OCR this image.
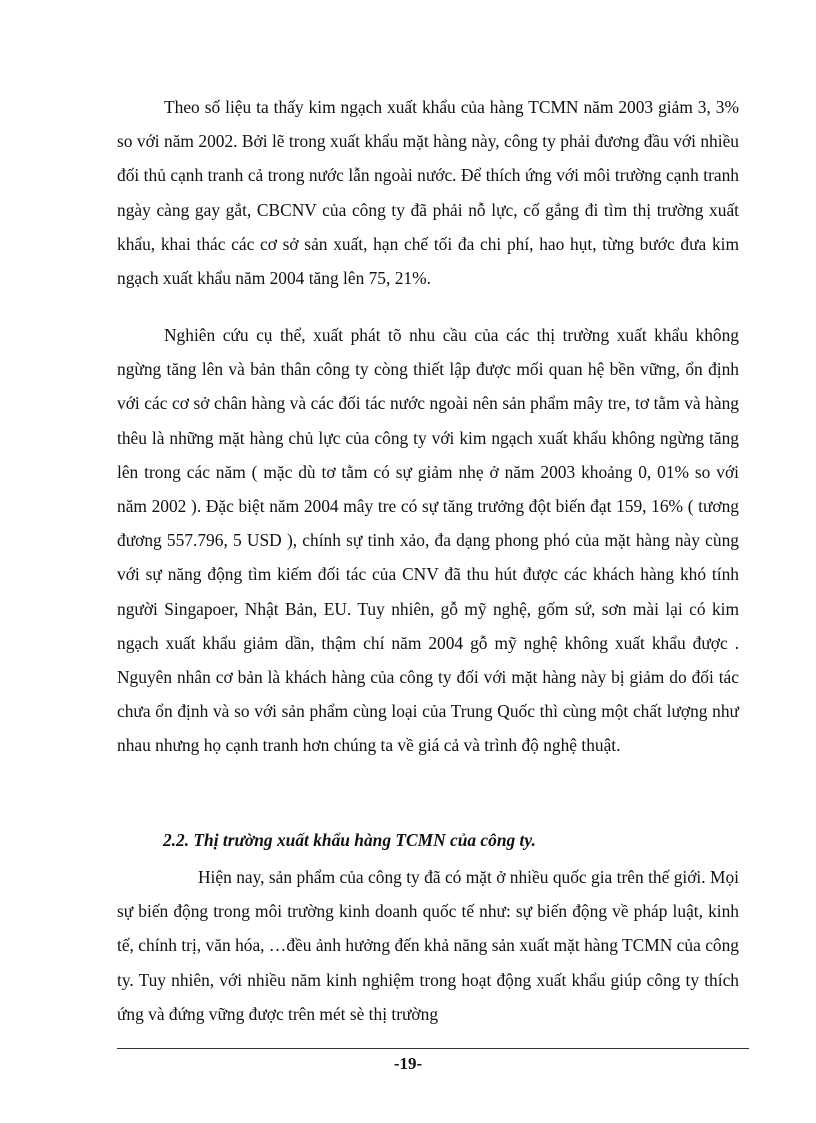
Theo số liệu ta thấy kim ngạch xuất khẩu của hàng TCMN năm 2003 giảm 3, 3% so với năm 2002. Bởi lẽ trong xuất khẩu mặt hàng này, công ty phải đương đầu với nhiều đối thủ cạnh tranh cả trong nước lẫn ngoài nước. Để thích ứng với môi trường cạnh tranh ngày càng gay gắt, CBCNV của công ty đã phải nỗ lực, cố gắng đi tìm thị trường xuất khẩu, khai thác các cơ sở sản xuất, hạn chế tối đa chi phí, hao hụt, từng bước đưa kim ngạch xuất khẩu năm 2004 tăng lên 75, 21%.

Nghiên cứu cụ thể, xuất phát tõ nhu cầu của các thị trường xuất khẩu không ngừng tăng lên và bản thân công ty còng thiết lập được mối quan hệ bền vững, ổn định với các cơ sở chân hàng và các đối tác nước ngoài nên sản phẩm mây tre, tơ tằm và hàng thêu là những mặt hàng chủ lực của công ty với kim ngạch xuất khẩu không ngừng tăng lên trong các năm ( mặc dù tơ tằm có sự giảm nhẹ ở năm 2003 khoảng 0, 01% so với năm 2002 ). Đặc biệt năm 2004 mây tre có sự tăng trưởng đột biến đạt 159, 16% ( tương đương 557.796, 5 USD ), chính sự tinh xảo, đa dạng phong phó của mặt hàng này cùng với sự năng động tìm kiếm đối tác của CNV đã thu hút được các khách hàng khó tính người Singapoer, Nhật Bản, EU. Tuy nhiên, gỗ mỹ nghệ, gốm sứ, sơn mài lại có kim ngạch xuất khẩu giảm dần, thậm chí năm 2004 gỗ mỹ nghệ không xuất khẩu được . Nguyên nhân cơ bản là khách hàng của công ty đối với mặt hàng này bị giảm do đối tác chưa ổn định và so với sản phẩm cùng loại của Trung Quốc thì cùng một chất lượng như nhau nhưng họ cạnh tranh hơn chúng ta về giá cả và trình độ nghệ thuật.

2.2. Thị trường xuất khẩu hàng TCMN của công ty.

Hiện nay, sản phẩm của công ty đã có mặt ở nhiều quốc gia trên thế giới. Mọi sự biến động trong môi trường kinh doanh quốc tế như: sự biến động về pháp luật, kinh tế, chính trị, văn hóa, …đều ảnh hưởng đến khả năng sản xuất mặt hàng TCMN của công ty. Tuy nhiên, với nhiều năm kinh nghiệm trong hoạt động xuất khẩu giúp công ty thích ứng và đứng vững được trên mét sè thị trường

-19-
